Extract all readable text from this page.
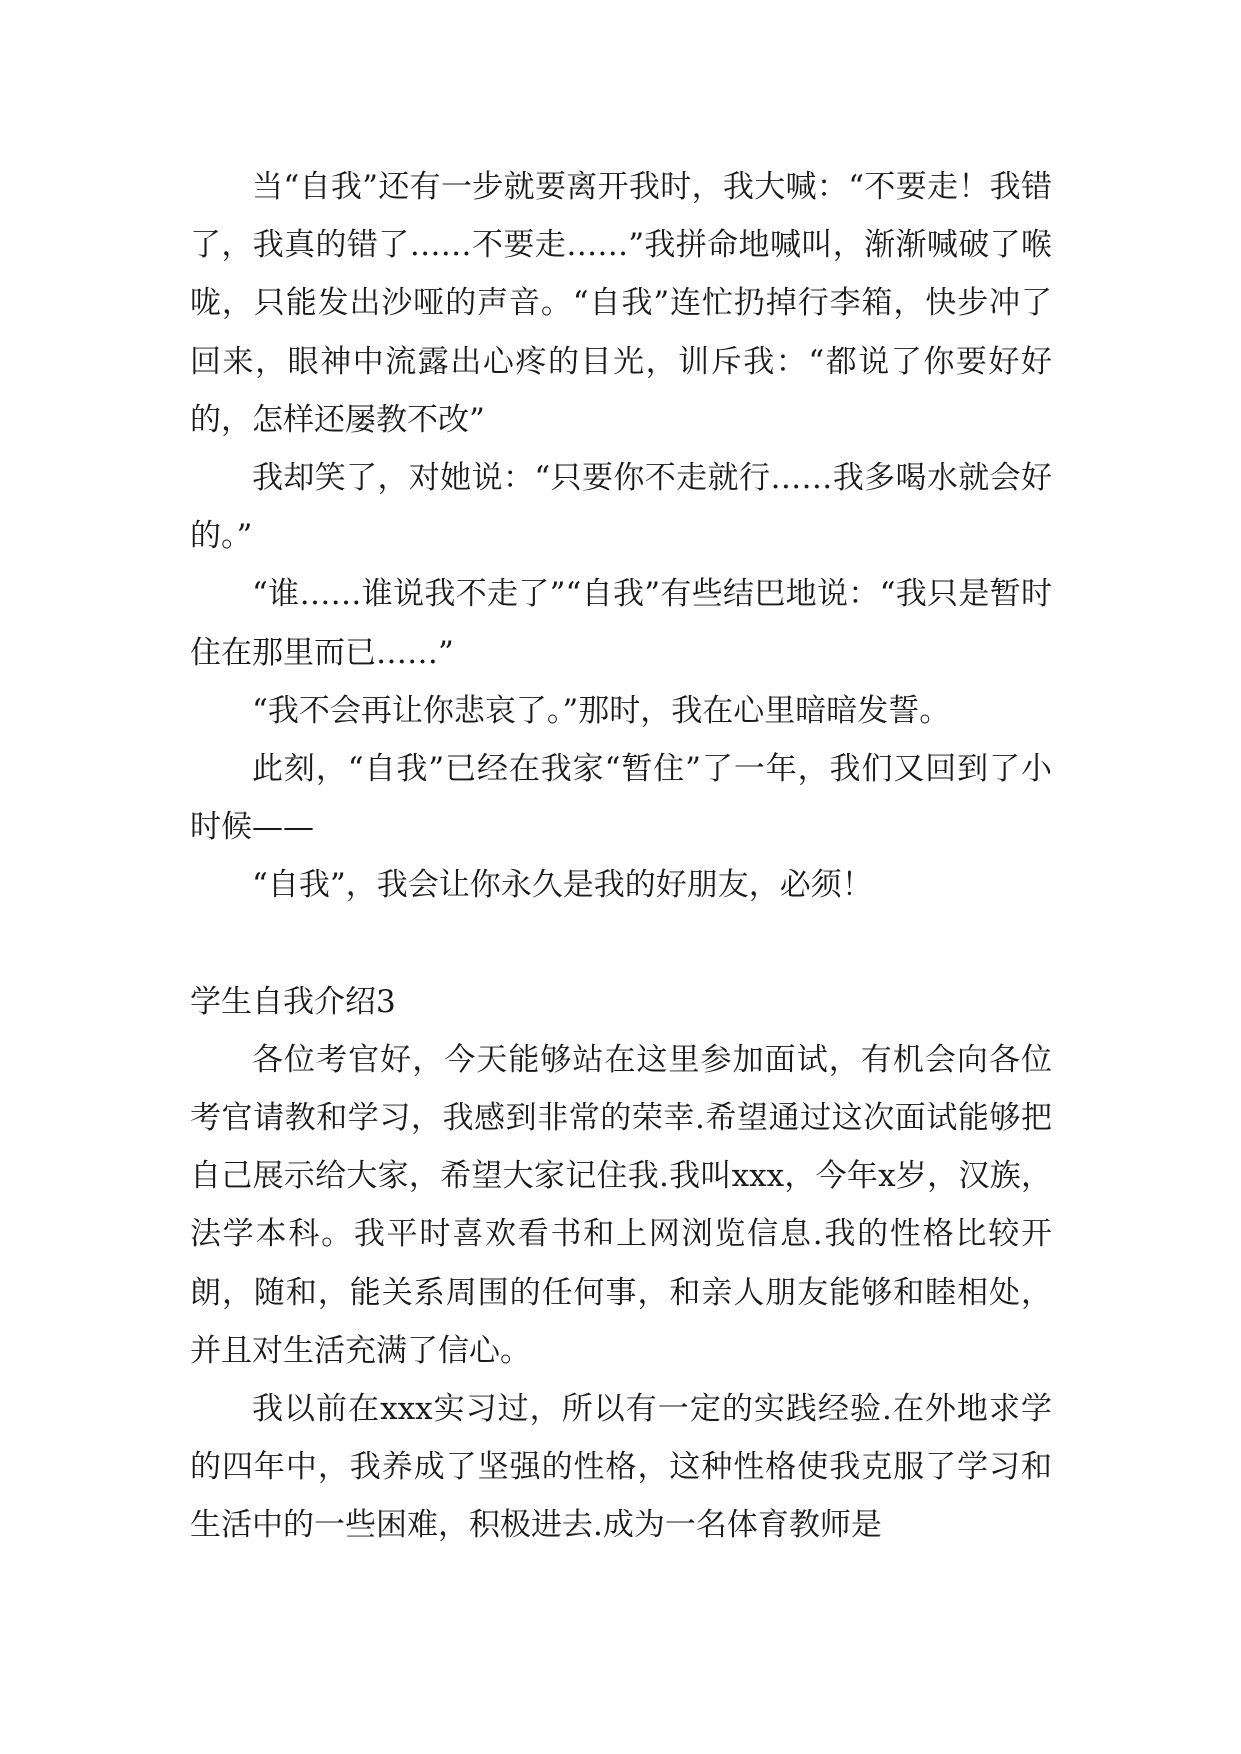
当“自我”还有一步就要离开我时，我大喊：“不要走！我错了，我真的错了……不要走……”我拼命地喊叫，渐渐喊破了喉咙，只能发出沙哑的声音。“自我”连忙扔掉行李箱，快步冲了回来，眼神中流露出心疼的目光，训斥我：“都说了你要好好的，怎样还屡教不改”

我却笑了，对她说：“只要你不走就行……我多喝水就会好的。”

“谁……谁说我不走了”“自我”有些结巴地说：“我只是暂时住在那里而已……”

“我不会再让你悲哀了。”那时，我在心里暗暗发誓。

此刻，“自我”已经在我家“暂住”了一年，我们又回到了小时候——

“自我”，我会让你永久是我的好朋友，必须！

学生自我介绍3

各位考官好，今天能够站在这里参加面试，有机会向各位考官请教和学习，我感到非常的荣幸.希望通过这次面试能够把自己展示给大家，希望大家记住我.我叫xxx，今年x岁，汉族，法学本科。我平时喜欢看书和上网浏览信息.我的性格比较开朗，随和，能关系周围的任何事，和亲人朋友能够和睦相处，并且对生活充满了信心。

我以前在xxx实习过，所以有一定的实践经验.在外地求学的四年中，我养成了坚强的性格，这种性格使我克服了学习和生活中的一些困难，积极进去.成为一名体育教师是
